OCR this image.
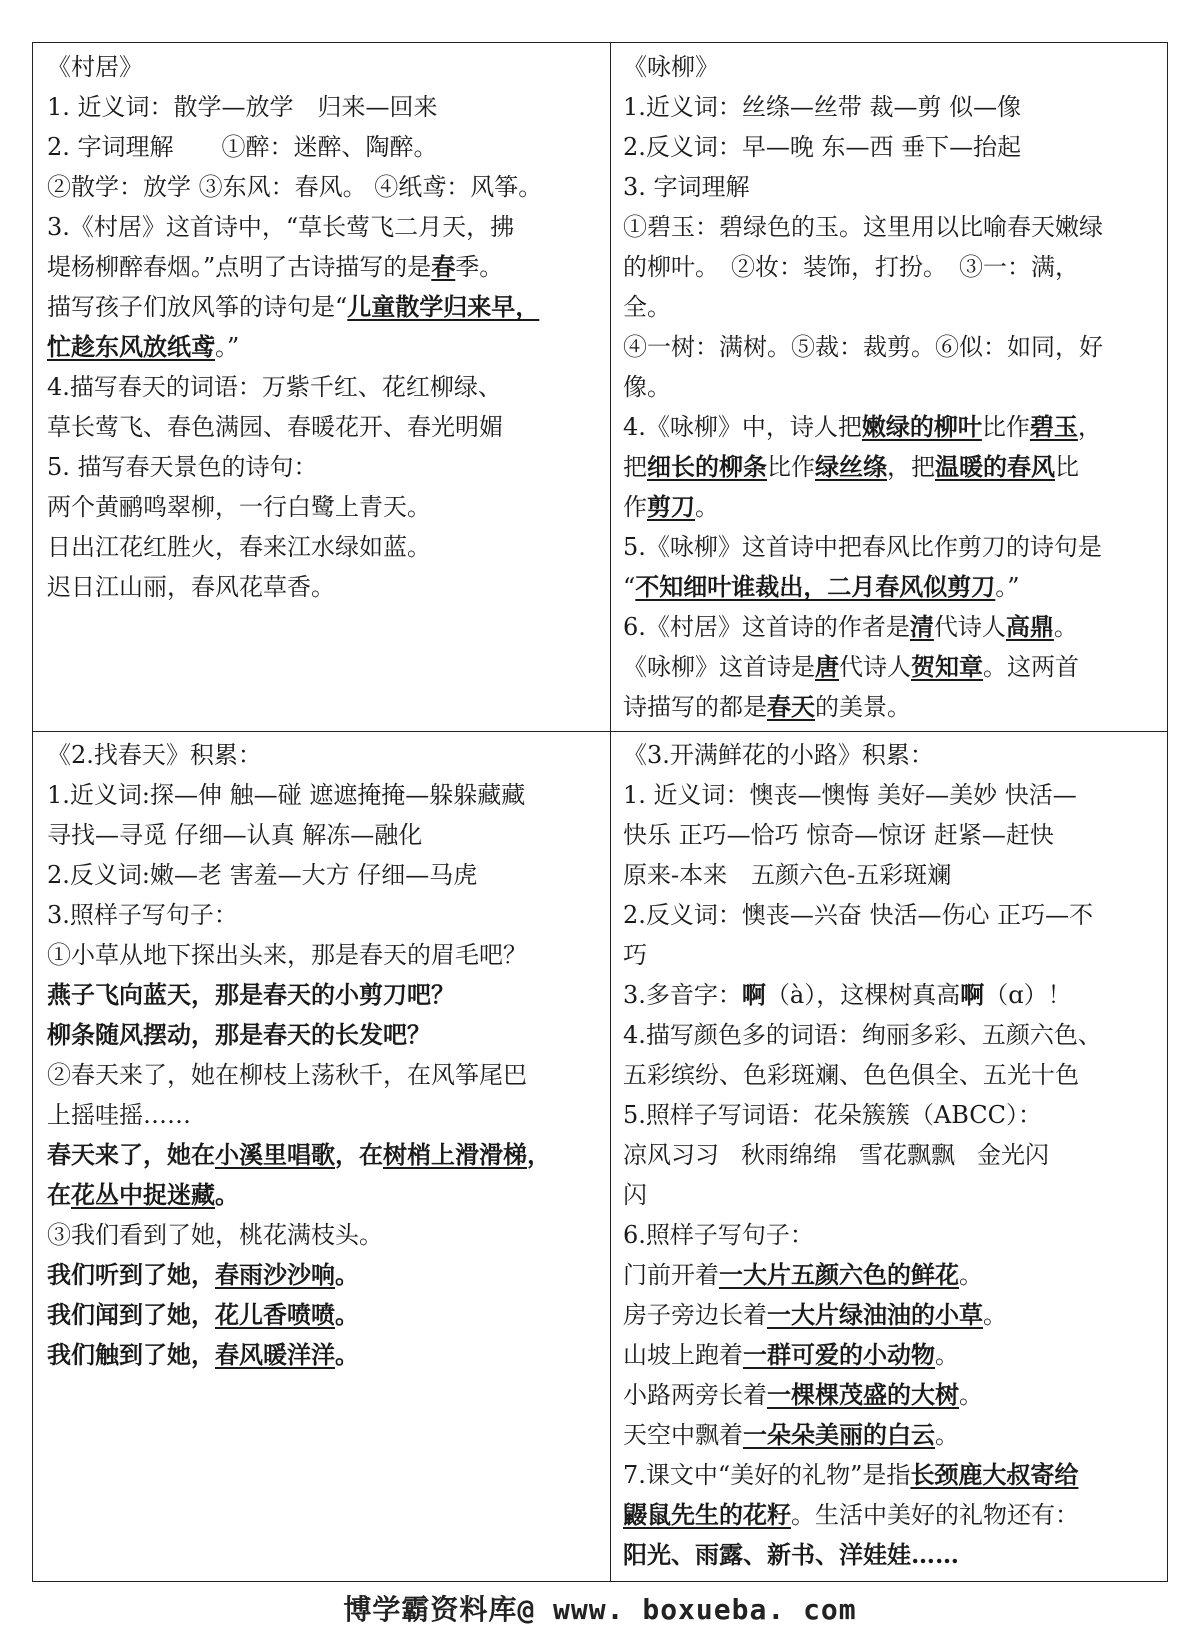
《村居》

1. 近义词：散学—放学　归来—回来

2. 字词理解　　①醉：迷醉、陶醉。

②散学：放学 ③东风：春风。 ④纸鸢：风筝。

3.《村居》这首诗中，“草长莺飞二月天，拂

堤杨柳醉春烟。”点明了古诗描写的是春季。

描写孩子们放风筝的诗句是“儿童散学归来早，

忙趁东风放纸鸢。”

4.描写春天的词语：万紫千红、花红柳绿、

草长莺飞、春色满园、春暖花开、春光明媚

5. 描写春天景色的诗句：

两个黄鹂鸣翠柳，一行白鹭上青天。

日出江花红胜火，春来江水绿如蓝。

迟日江山丽，春风花草香。

《咏柳》

1.近义词：丝绦—丝带 裁—剪 似—像

2.反义词：早—晚 东—西 垂下—抬起

3. 字词理解

①碧玉：碧绿色的玉。这里用以比喻春天嫩绿

的柳叶。　②妆：装饰，打扮。　③一：满，

全。

④一树：满树。⑤裁：裁剪。⑥似：如同，好

像。

4.《咏柳》中，诗人把嫩绿的柳叶比作碧玉，

把细长的柳条比作绿丝绦，把温暖的春风比

作剪刀。

5.《咏柳》这首诗中把春风比作剪刀的诗句是

“不知细叶谁裁出，二月春风似剪刀。”

6.《村居》这首诗的作者是清代诗人高鼎。

《咏柳》这首诗是唐代诗人贺知章。这两首

诗描写的都是春天的美景。

《2.找春天》积累：

1.近义词:探—伸 触—碰 遮遮掩掩—躲躲藏藏

寻找—寻觅 仔细—认真 解冻—融化

2.反义词:嫩—老 害羞—大方 仔细—马虎

3.照样子写句子：

①小草从地下探出头来，那是春天的眉毛吧？

燕子飞向蓝天，那是春天的小剪刀吧？

柳条随风摆动，那是春天的长发吧？

②春天来了，她在柳枝上荡秋千，在风筝尾巴

上摇哇摇……

春天来了，她在小溪里唱歌，在树梢上滑滑梯，

在花丛中捉迷藏。

③我们看到了她，桃花满枝头。

我们听到了她，春雨沙沙响。

我们闻到了她，花儿香喷喷。

我们触到了她，春风暖洋洋。

《3.开满鲜花的小路》积累：

1. 近义词：懊丧—懊悔 美好—美妙 快活—

快乐 正巧—恰巧 惊奇—惊讶 赶紧—赶快

原来-本来　五颜六色-五彩斑斓

2.反义词：懊丧—兴奋 快活—伤心 正巧—不

巧

3.多音字：啊（à），这棵树真高啊（ɑ）！

4.描写颜色多的词语：绚丽多彩、五颜六色、

五彩缤纷、色彩斑斓、色色俱全、五光十色

5.照样子写词语：花朵簇簇（ABCC）：

凉风习习 秋雨绵绵 雪花飘飘 金光闪

闪

6.照样子写句子：

门前开着一大片五颜六色的鲜花。

房子旁边长着一大片绿油油的小草。

山坡上跑着一群可爱的小动物。

小路两旁长着一棵棵茂盛的大树。

天空中飘着一朵朵美丽的白云。

7.课文中“美好的礼物”是指长颈鹿大叔寄给

鼹鼠先生的花籽。生活中美好的礼物还有：

阳光、雨露、新书、洋娃娃……

博学霸资料库@ www. boxueba. com
